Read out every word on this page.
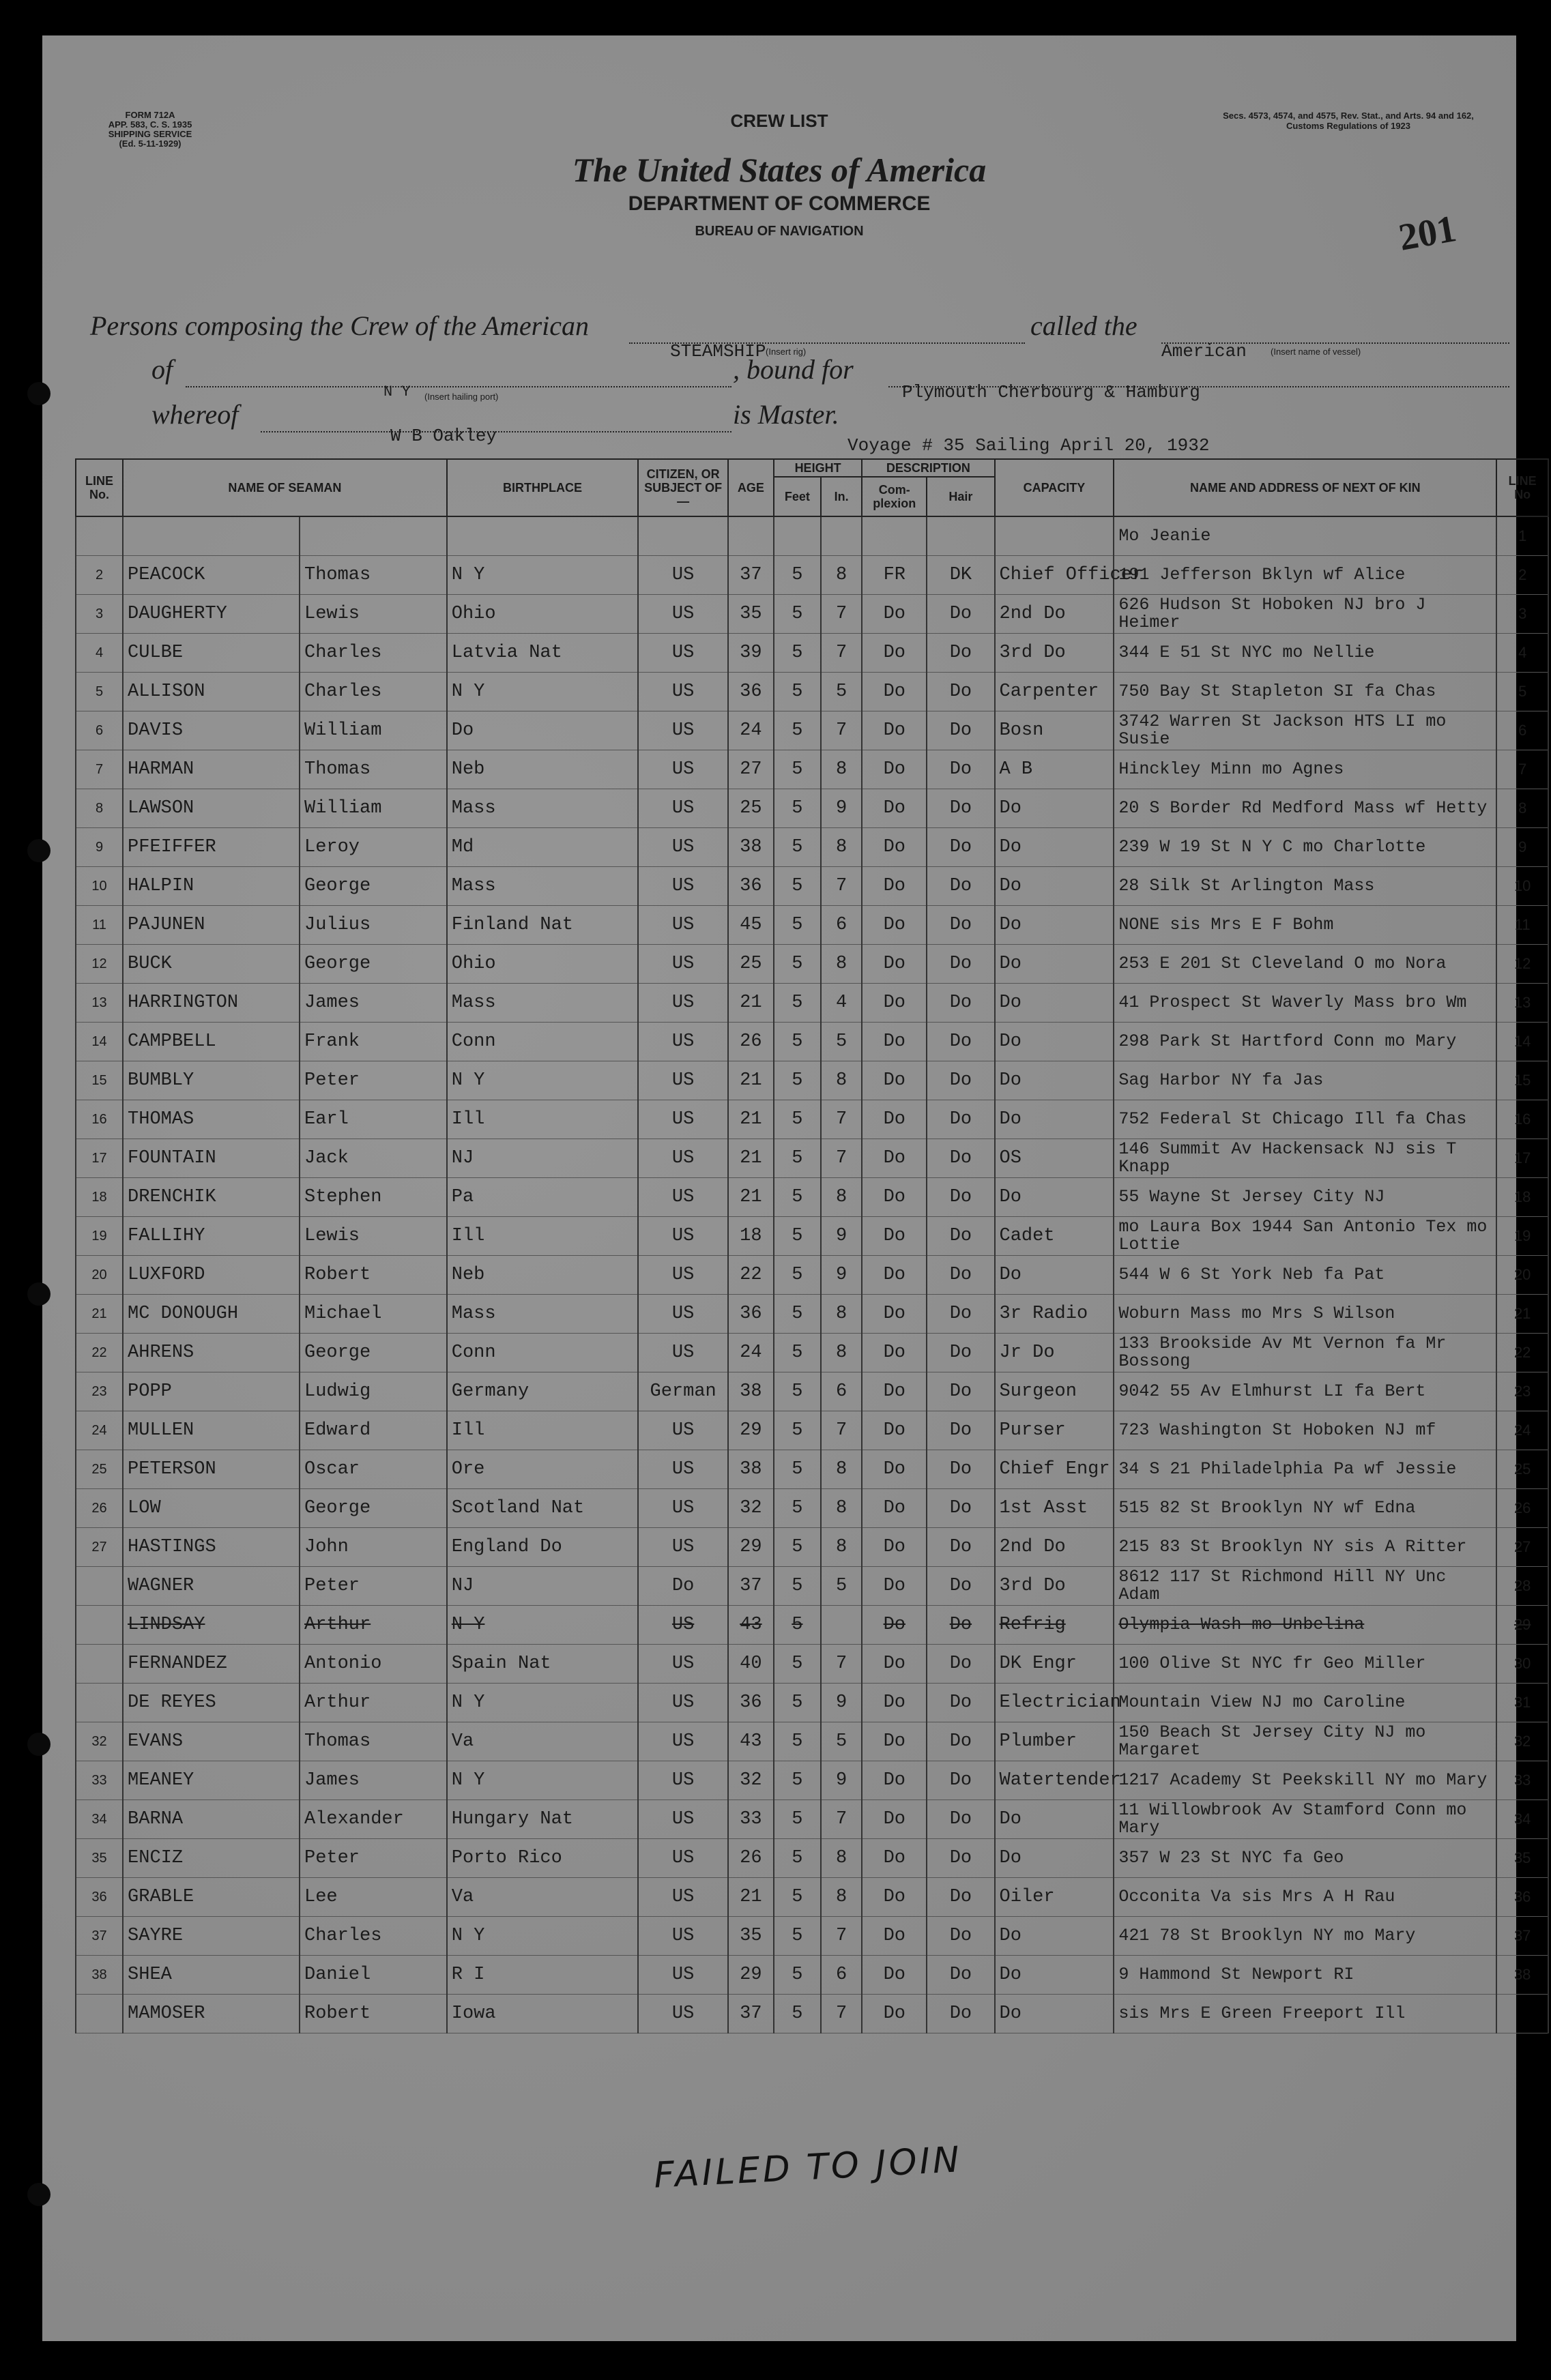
FORM 712A
APP. 583, C. S. 1935
SHIPPING SERVICE
(Ed. 5-11-1929)
Secs. 4573, 4574, and 4575, Rev. Stat., and Arts. 94 and 162, Customs Regulations of 1923
CREW LIST
The United States of America
DEPARTMENT OF COMMERCE
BUREAU OF NAVIGATION	201
Persons composing the Crew of the American	called the
(Insert rig)
STEAMSHIP	American	(Insert name of vessel)
of	, bound for
Plymouth Cherbourg & Hamburg
N Y (Insert hailing port)
whereof
W B Oakley
is Master.
Voyage # 35 Sailing April 20, 1932
LINE No.	NAME OF SEAMAN		BIRTHPLACE	CITIZEN, OR SUBJECT OF—	AGE	HEIGHT		DESCRIPTION		CAPACITY	NAME AND ADDRESS OF NEXT OF KIN	LINE No
						Feet	In.	Com-plexion	Hair			
											Mo Jeanie	1
2	PEACOCK	Thomas	N Y	US	37	5	8	FR	DK	Chief Officer	191 Jefferson Bklyn wf Alice	2
3	DAUGHERTY	Lewis	Ohio	US	35	5	7	Do	Do	2nd Do	626 Hudson St Hoboken NJ bro J Heimer	3
4	CULBE	Charles	Latvia Nat	US	39	5	7	Do	Do	3rd Do	344 E 51 St NYC mo Nellie	4
5	ALLISON	Charles	N Y	US	36	5	5	Do	Do	Carpenter	750 Bay St Stapleton SI fa Chas	5
6	DAVIS	William	Do	US	24	5	7	Do	Do	Bosn	3742 Warren St Jackson HTS LI mo Susie	6
7	HARMAN	Thomas	Neb	US	27	5	8	Do	Do	A B	Hinckley Minn mo Agnes	7
8	LAWSON	William	Mass	US	25	5	9	Do	Do	Do	20 S Border Rd Medford Mass wf Hetty	8
9	PFEIFFER	Leroy	Md	US	38	5	8	Do	Do	Do	239 W 19 St N Y C mo Charlotte	9
10	HALPIN	George	Mass	US	36	5	7	Do	Do	Do	28 Silk St Arlington Mass	10
11	PAJUNEN	Julius	Finland Nat	US	45	5	6	Do	Do	Do	NONE sis Mrs E F Bohm	11
12	BUCK	George	Ohio	US	25	5	8	Do	Do	Do	253 E 201 St Cleveland O mo Nora	12
13	HARRINGTON	James	Mass	US	21	5	4	Do	Do	Do	41 Prospect St Waverly Mass bro Wm	13
14	CAMPBELL	Frank	Conn	US	26	5	5	Do	Do	Do	298 Park St Hartford Conn mo Mary	14
15	BUMBLY	Peter	N Y	US	21	5	8	Do	Do	Do	Sag Harbor NY fa Jas	15
16	THOMAS	Earl	Ill	US	21	5	7	Do	Do	Do	752 Federal St Chicago Ill fa Chas	16
17	FOUNTAIN	Jack	NJ	US	21	5	7	Do	Do	OS	146 Summit Av Hackensack NJ sis T Knapp	17
18	DRENCHIK	Stephen	Pa	US	21	5	8	Do	Do	Do	55 Wayne St Jersey City NJ	18
19	FALLIHY	Lewis	Ill	US	18	5	9	Do	Do	Cadet	mo Laura Box 1944 San Antonio Tex mo Lottie	19
20	LUXFORD	Robert	Neb	US	22	5	9	Do	Do	Do	544 W 6 St York Neb fa Pat	20
21	MC DONOUGH	Michael	Mass	US	36	5	8	Do	Do	3r Radio	Woburn Mass mo Mrs S Wilson	21
22	AHRENS	George	Conn	US	24	5	8	Do	Do	Jr Do	133 Brookside Av Mt Vernon fa Mr Bossong	22
23	POPP	Ludwig	Germany	German	38	5	6	Do	Do	Surgeon	9042 55 Av Elmhurst LI fa Bert	23
24	MULLEN	Edward	Ill	US	29	5	7	Do	Do	Purser	723 Washington St Hoboken NJ mf	24
25	PETERSON	Oscar	Ore	US	38	5	8	Do	Do	Chief Engr	34 S 21 Philadelphia Pa wf Jessie	25
26	LOW	George	Scotland Nat	US	32	5	8	Do	Do	1st Asst	515 82 St Brooklyn NY wf Edna	26
27	HASTINGS	John	England Do	US	29	5	8	Do	Do	2nd Do	215 83 St Brooklyn NY sis A Ritter	27
	WAGNER	Peter	NJ	Do	37	5	5	Do	Do	3rd Do	8612 117 St Richmond Hill NY Unc Adam	28
	LINDSAY	Arthur	N Y	US	43	5		Do	Do	Refrig	Olympia Wash mo Unbelina	29
	FERNANDEZ	Antonio	Spain Nat	US	40	5	7	Do	Do	DK Engr	100 Olive St NYC fr Geo Miller	30
	DE REYES	Arthur	N Y	US	36	5	9	Do	Do	Electrician	Mountain View NJ mo Caroline	31
32	EVANS	Thomas	Va	US	43	5	5	Do	Do	Plumber	150 Beach St Jersey City NJ mo Margaret	32
33	MEANEY	James	N Y	US	32	5	9	Do	Do	Watertender	1217 Academy St Peekskill NY mo Mary	33
34	BARNA	Alexander	Hungary Nat	US	33	5	7	Do	Do	Do	11 Willowbrook Av Stamford Conn mo Mary	34
35	ENCIZ	Peter	Porto Rico	US	26	5	8	Do	Do	Do	357 W 23 St NYC fa Geo	35
36	GRABLE	Lee	Va	US	21	5	8	Do	Do	Oiler	Occonita Va sis Mrs A H Rau	36
37	SAYRE	Charles	N Y	US	35	5	7	Do	Do	Do	421 78 St Brooklyn NY mo Mary	37
38	SHEA	Daniel	R I	US	29	5	6	Do	Do	Do	9 Hammond St Newport RI	38
	MAMOSER	Robert	Iowa	US	37	5	7	Do	Do	Do	sis Mrs E Green Freeport Ill	
FAILED TO JOIN
